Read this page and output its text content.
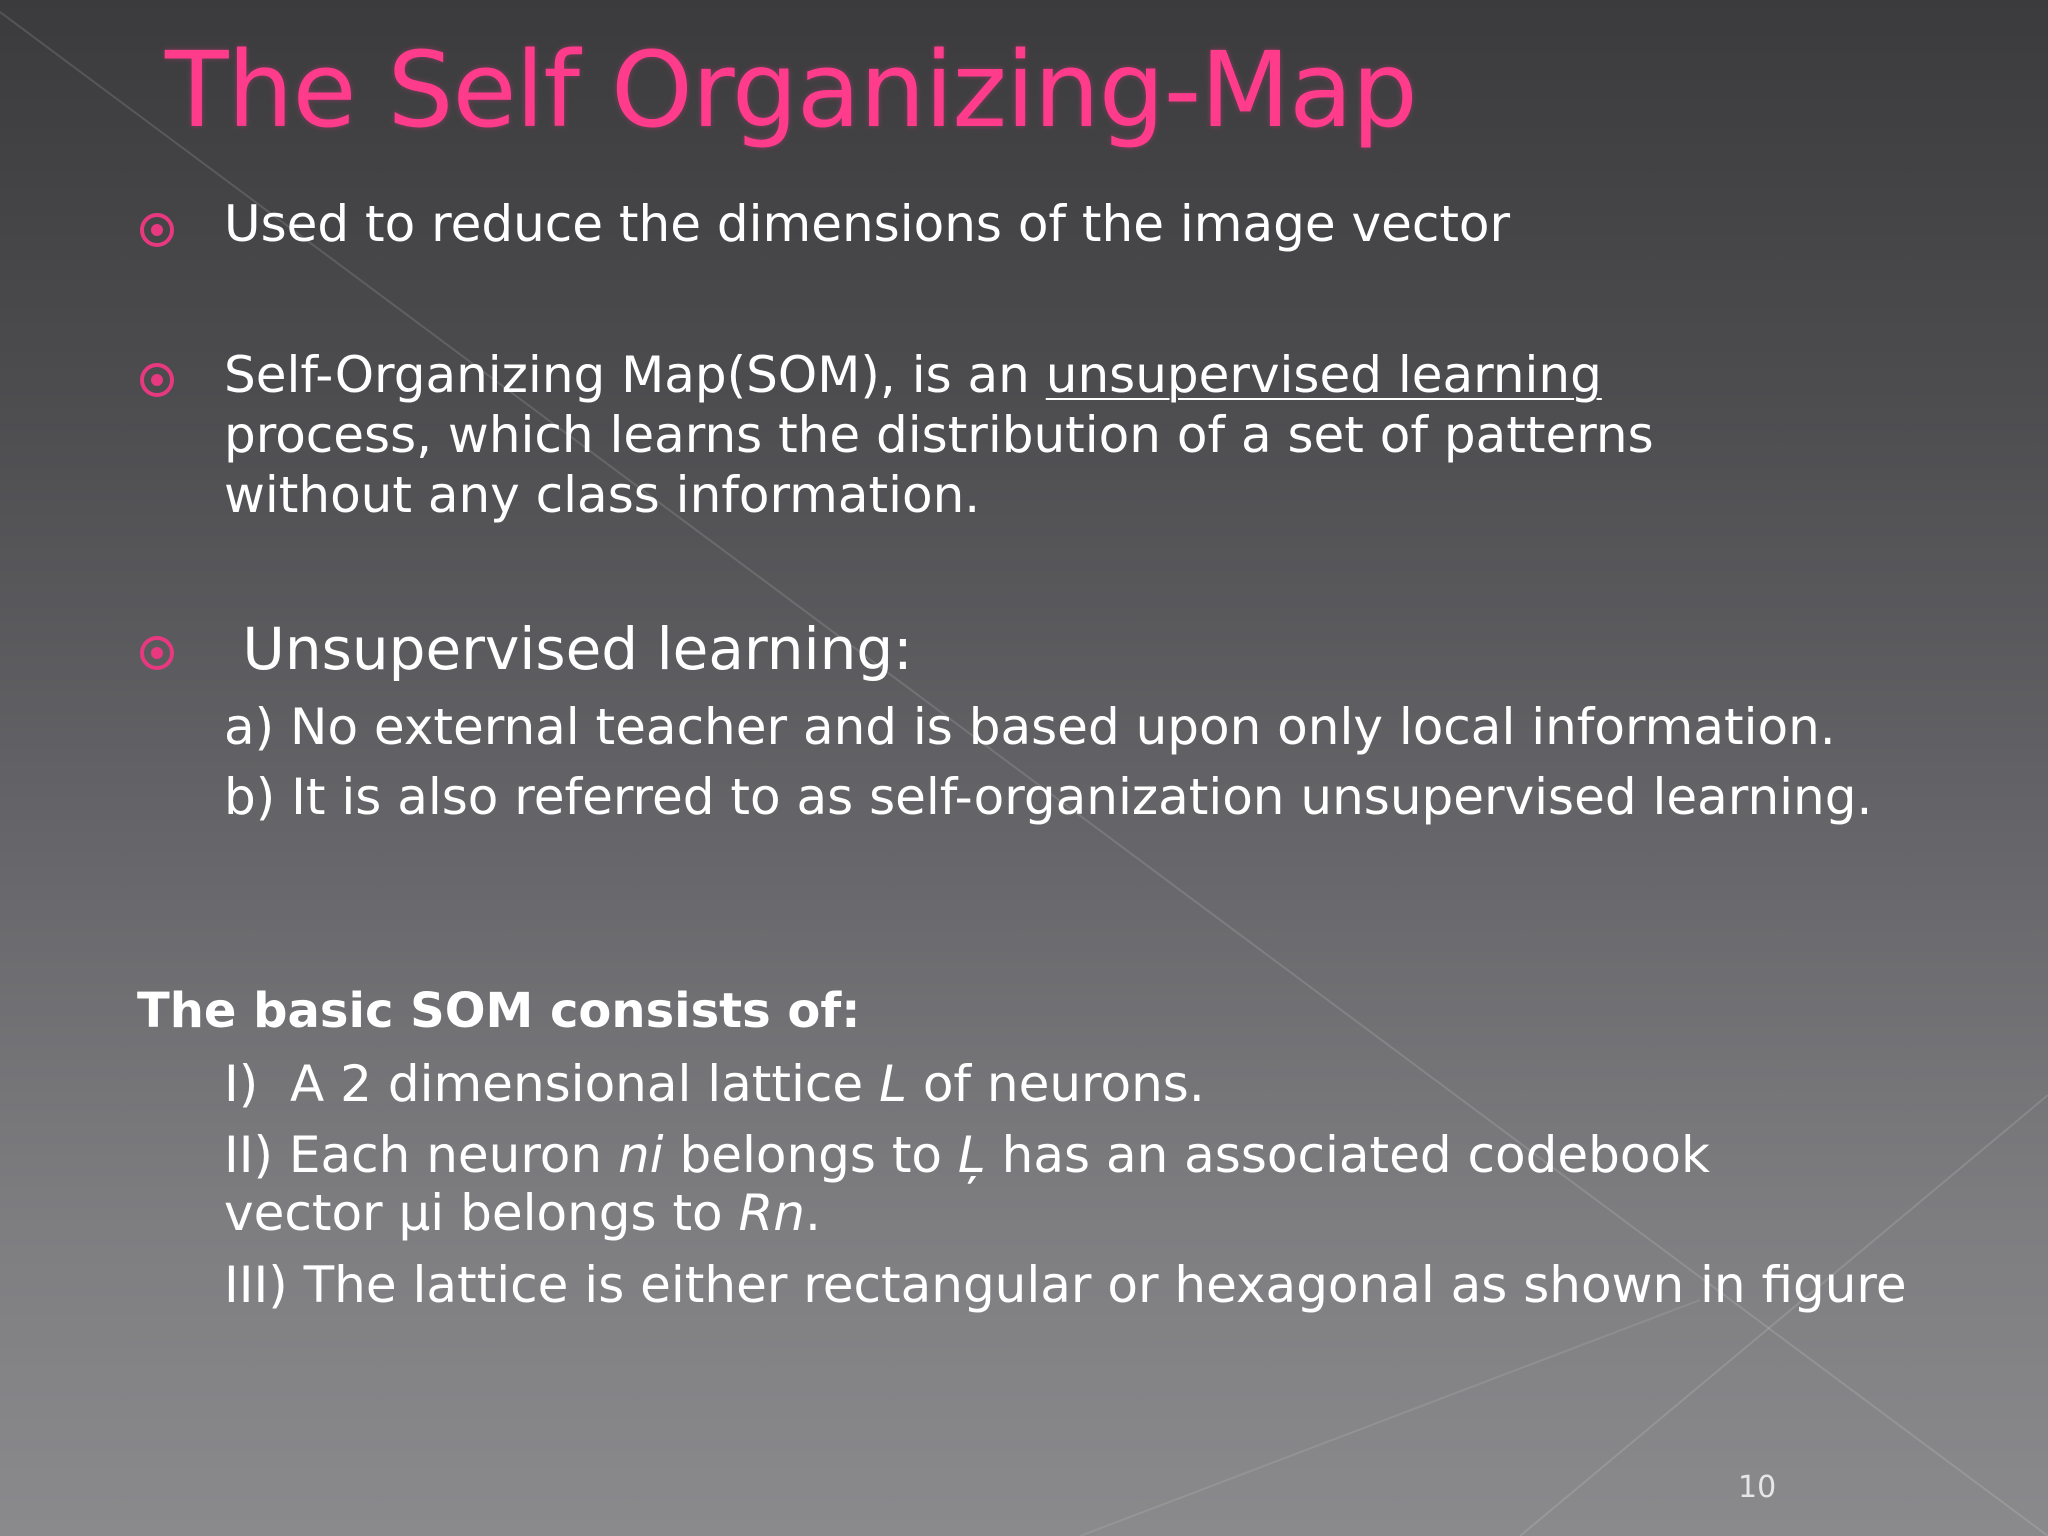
The Self Organizing-Map
Used to reduce the dimensions of the image vector
Self-Organizing Map(SOM), is an unsupervised learning
process, which learns the distribution of a set of patterns
without any class information.
Unsupervised learning:
a) No external teacher and is based upon only local information.
b) It is also referred to as self-organization unsupervised learning.
The basic SOM consists of:
I)  A 2 dimensional lattice L of neurons.
II) Each neuron ni belongs to Ļ has an associated codebook
vector μi belongs to Rn.
III) The lattice is either rectangular or hexagonal as shown in figure
10
